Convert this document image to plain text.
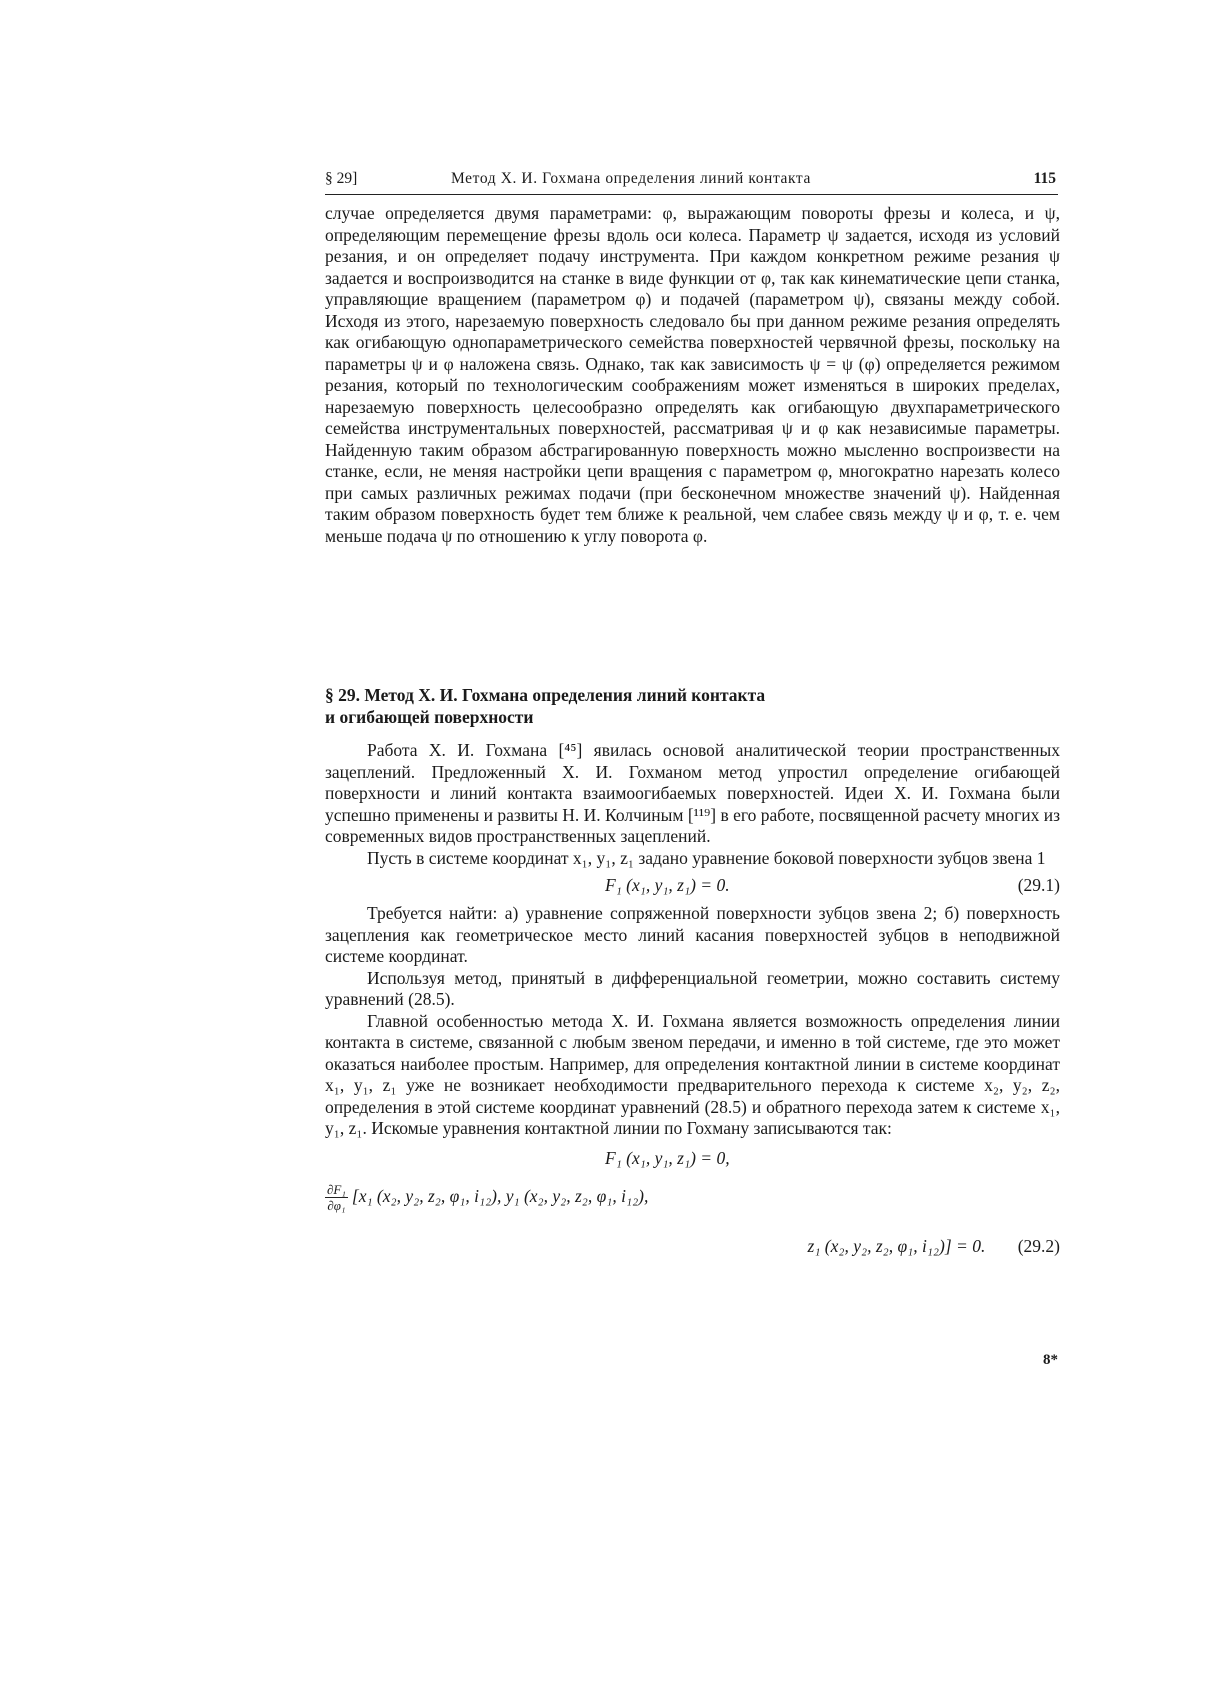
§ 29]	Метод Х. И. Гохмана определения линий контакта	115

случае определяется двумя параметрами: φ, выражающим повороты фрезы и колеса, и ψ, определяющим перемещение фрезы вдоль оси колеса. Параметр ψ задается, исходя из условий резания, и он определяет подачу инструмента. При каждом конкретном режиме резания ψ задается и воспроизводится на станке в виде функции от φ, так как кинематические цепи станка, управляющие вращением (параметром φ) и подачей (параметром ψ), связаны между собой. Исходя из этого, нарезаемую поверхность следовало бы при данном режиме резания определять как огибающую однопараметрического семейства поверхностей червячной фрезы, поскольку на параметры ψ и φ наложена связь. Однако, так как зависимость ψ = ψ (φ) определяется режимом резания, который по технологическим соображениям может изменяться в широких пределах, нарезаемую поверхность целесообразно определять как огибающую двухпараметрического семейства инструментальных поверхностей, рассматривая ψ и φ как независимые параметры. Найденную таким образом абстрагированную поверхность можно мысленно воспроизвести на станке, если, не меняя настройки цепи вращения с параметром φ, многократно нарезать колесо при самых различных режимах подачи (при бесконечном множестве значений ψ). Найденная таким образом поверхность будет тем ближе к реальной, чем слабее связь между ψ и φ, т. е. чем меньше подача ψ по отношению к углу поворота φ.

§ 29. Метод Х. И. Гохмана определения линий контакта
и огибающей поверхности

Работа Х. И. Гохмана [⁴⁵] явилась основой аналитической теории пространственных зацеплений. Предложенный Х. И. Гохманом метод упростил определение огибающей поверхности и линий контакта взаимоогибаемых поверхностей. Идеи Х. И. Гохмана были успешно применены и развиты Н. И. Колчиным [¹¹⁹] в его работе, посвященной расчету многих из современных видов пространственных зацеплений.

Пусть в системе координат x₁, y₁, z₁ задано уравнение боковой поверхности зубцов звена 1

F₁ (x₁, y₁, z₁) = 0.	(29.1)

Требуется найти: а) уравнение сопряженной поверхности зубцов звена 2; б) поверхность зацепления как геометрическое место линий касания поверхностей зубцов в неподвижной системе координат.

Используя метод, принятый в дифференциальной геометрии, можно составить систему уравнений (28.5).

Главной особенностью метода Х. И. Гохмана является возможность определения линии контакта в системе, связанной с любым звеном передачи, и именно в той системе, где это может оказаться наиболее простым. Например, для определения контактной линии в системе координат x₁, y₁, z₁ уже не возникает необходимости предварительного перехода к системе x₂, y₂, z₂, определения в этой системе координат уравнений (28.5) и обратного перехода затем к системе x₁, y₁, z₁. Искомые уравнения контактной линии по Гохману записываются так:

F₁ (x₁, y₁, z₁) = 0,
$\frac{\text{∂F₁}}{\text{∂φ₁}} [x_1$ (x₂, y₂, z₂, φ₁, i₁₂), y₁ (x₂, y₂, z₂, φ₁, i₁₂),
z₁ (x₂, y₂, z₂, φ₁, i₁₂)] = 0. (29.2)
8*
